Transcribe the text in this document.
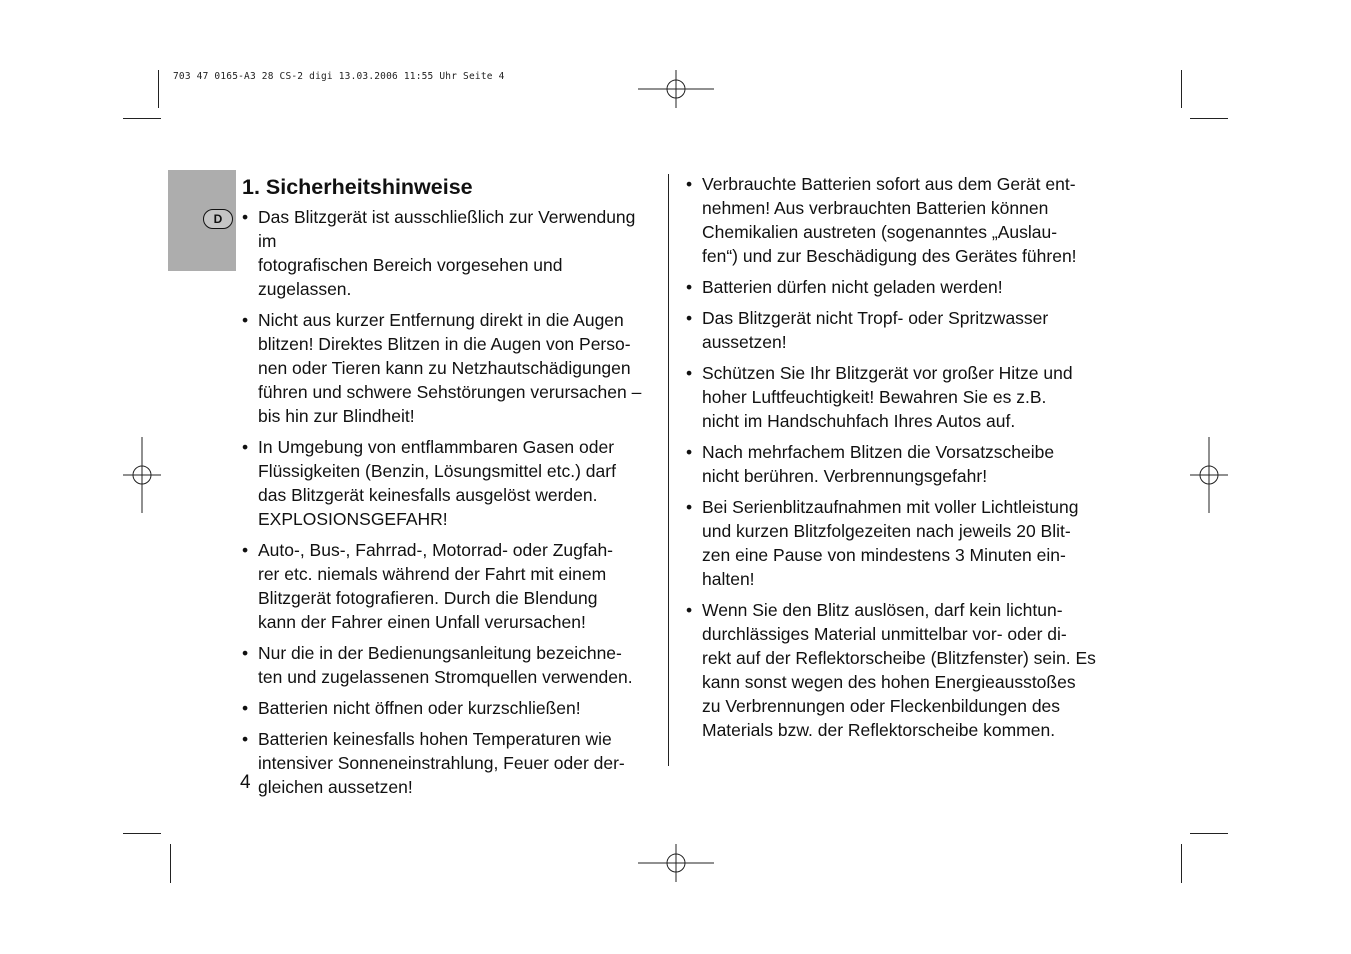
703 47 0165-A3 28 CS-2 digi 13.03.2006 11:55 Uhr Seite 4
D
1. Sicherheitshinweise
• Das Blitzgerät ist ausschließlich zur Verwendung im
fotografischen Bereich vorgesehen und zugelassen.
• Nicht aus kurzer Entfernung direkt in die Augen
blitzen! Direktes Blitzen in die Augen von Perso-
nen oder Tieren kann zu Netzhautschädigungen
führen und schwere Sehstörungen verursachen –
bis hin zur Blindheit!
• In Umgebung von entflammbaren Gasen oder
Flüssigkeiten (Benzin, Lösungsmittel etc.) darf
das Blitzgerät keinesfalls ausgelöst werden.
EXPLOSIONSGEFAHR!
• Auto-, Bus-, Fahrrad-, Motorrad- oder Zugfah-
rer etc. niemals während der Fahrt mit einem
Blitzgerät fotografieren. Durch die Blendung
kann der Fahrer einen Unfall verursachen!
• Nur die in der Bedienungsanleitung bezeichne-
ten und zugelassenen Stromquellen verwenden.
• Batterien nicht öffnen oder kurzschließen!
• Batterien keinesfalls hohen Temperaturen wie
intensiver Sonneneinstrahlung, Feuer oder der-
gleichen aussetzen!
• Verbrauchte Batterien sofort aus dem Gerät ent-
nehmen! Aus verbrauchten Batterien können
Chemikalien austreten (sogenanntes „Auslau-
fen“) und zur Beschädigung des Gerätes führen!
• Batterien dürfen nicht geladen werden!
• Das Blitzgerät nicht Tropf- oder Spritzwasser
aussetzen!
• Schützen Sie Ihr Blitzgerät vor großer Hitze und
hoher Luftfeuchtigkeit! Bewahren Sie es z.B.
nicht im Handschuhfach Ihres Autos auf.
• Nach mehrfachem Blitzen die Vorsatzscheibe
nicht berühren. Verbrennungsgefahr!
• Bei Serienblitzaufnahmen mit voller Lichtleistung
und kurzen Blitzfolgezeiten nach jeweils 20 Blit-
zen eine Pause von mindestens 3 Minuten ein-
halten!
• Wenn Sie den Blitz auslösen, darf kein lichtun-
durchlässiges Material unmittelbar vor- oder di-
rekt auf der Reflektorscheibe (Blitzfenster) sein. Es
kann sonst wegen des hohen Energieausstoßes
zu Verbrennungen oder Fleckenbildungen des
Materials bzw. der Reflektorscheibe kommen.
4
